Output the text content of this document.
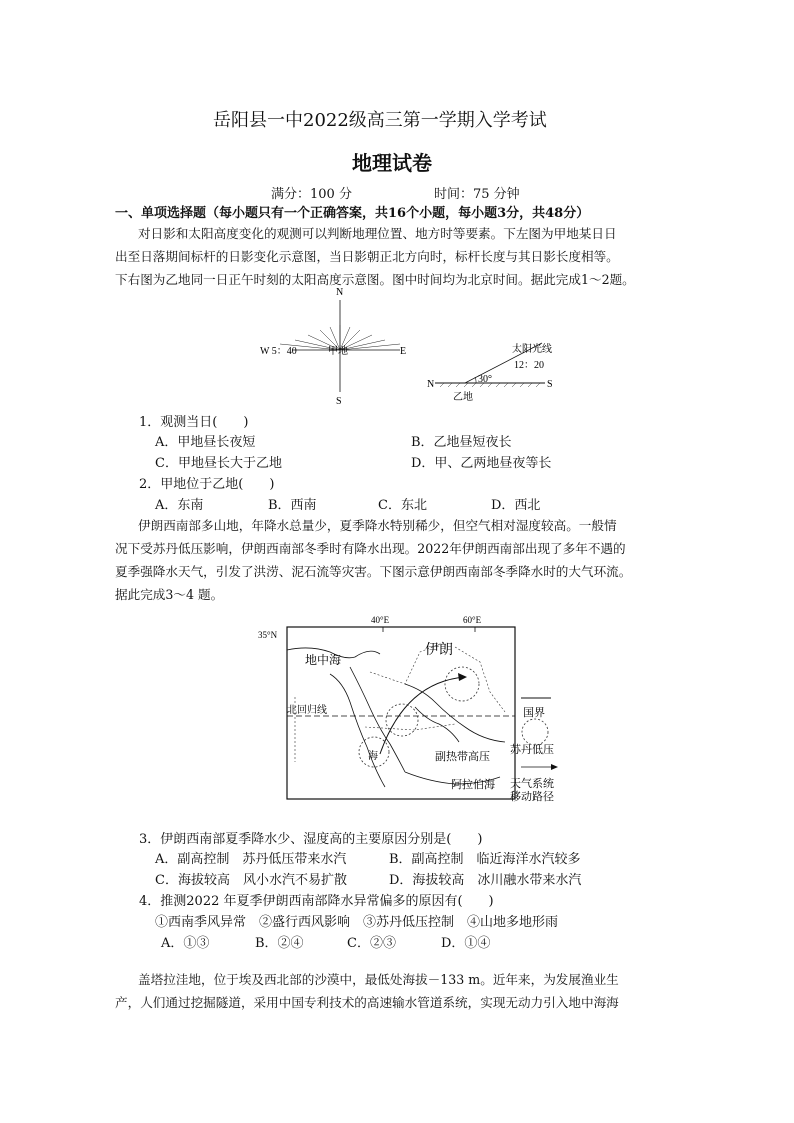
岳阳县一中2022级高三第一学期入学考试
地理试卷
满分：100 分	时间：75 分钟
一、单项选择题（每小题只有一个正确答案，共16个小题，每小题3分，共48分）
对日影和太阳高度变化的观测可以判断地理位置、地方时等要素。下左图为甲地某日日
出至日落期间标杆的日影变化示意图，当日影朝正北方向时，标杆长度与其日影长度相等。
下右图为乙地同一日正午时刻的太阳高度示意图。图中时间均为北京时间。据此完成1～2题。
N
S
W 5：40	E
甲地	太阳光线
12：20
30°
N	S
乙地
1．观测当日(　　)
A．甲地昼长夜短	B．乙地昼短夜长
C．甲地昼长大于乙地	D．甲、乙两地昼夜等长
2．甲地位于乙地(　　)
A．东南	B．西南	C．东北	D．西北
伊朗西南部多山地，年降水总量少，夏季降水特别稀少，但空气相对湿度较高。一般情
况下受苏丹低压影响，伊朗西南部冬季时有降水出现。2022年伊朗西南部出现了多年不遇的
夏季强降水天气，引发了洪涝、泥石流等灾害。下图示意伊朗西南部冬季降水时的大气环流。
据此完成3～4 题。
40°E	60°E
35°N
地中海
伊朗
北回归线
海	副热带高压
阿拉伯海
国界
苏丹低压
天气系统
移动路径
3．伊朗西南部夏季降水少、湿度高的主要原因分别是(　　)
A．副高控制　苏丹低压带来水汽	B．副高控制　临近海洋水汽较多
C．海拔较高　风小水汽不易扩散	D．海拔较高　冰川融水带来水汽
4．推测2022 年夏季伊朗西南部降水异常偏多的原因有(　　)
①西南季风异常　②盛行西风影响　③苏丹低压控制　④山地多地形雨
A．①③	B．②④	C．②③	D．①④
盖塔拉洼地，位于埃及西北部的沙漠中，最低处海拔－133 m。近年来，为发展渔业生
产，人们通过挖掘隧道，采用中国专利技术的高速输水管道系统，实现无动力引入地中海海
